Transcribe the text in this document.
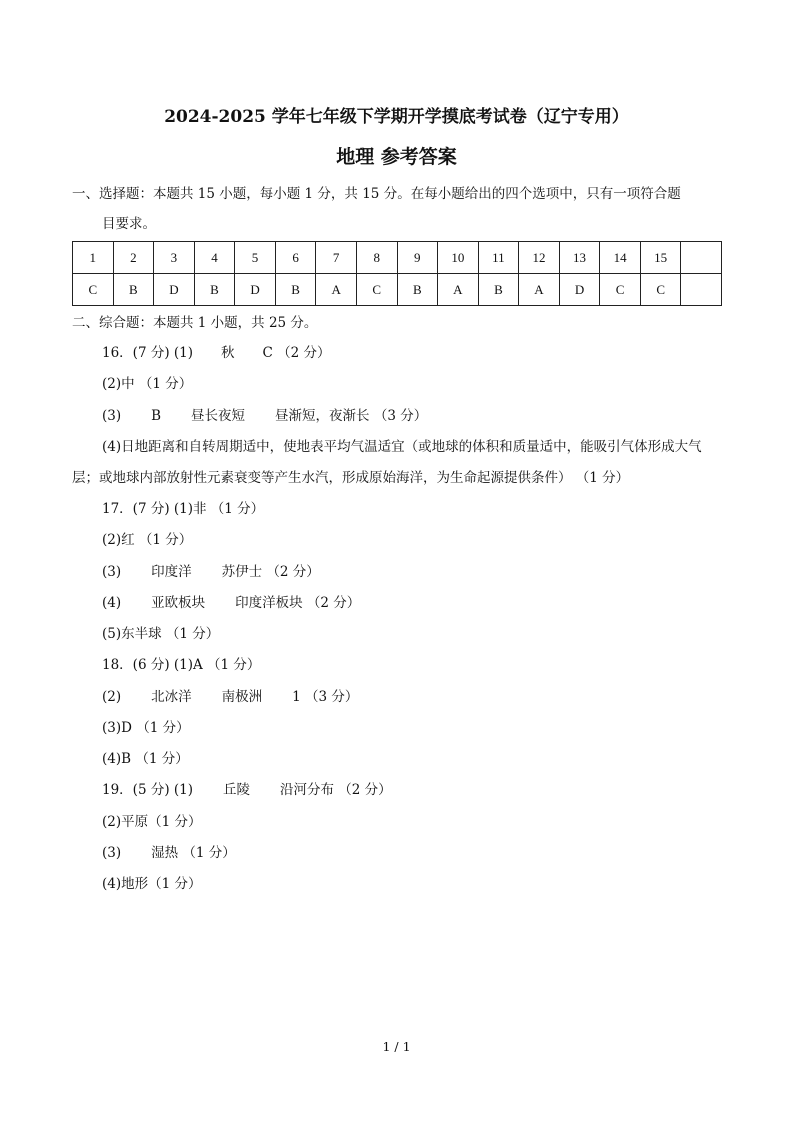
2024-2025 学年七年级下学期开学摸底考试卷（辽宁专用）
地理 参考答案
一、选择题：本题共 15 小题，每小题 1 分，共 15 分。在每小题给出的四个选项中，只有一项符合题
目要求。
1	2	3	4	5	6	7	8	9	10	11	12	13	14	15	
C	B	D	B	D	B	A	C	B	A	B	A	D	C	C	
二、综合题：本题共 1 小题，共 25 分。
16．(7 分) (1) 秋 C （2 分）
(2)中 （1 分）
(3) B 昼长夜短 昼渐短，夜渐长 （3 分）
(4)日地距离和自转周期适中，使地表平均气温适宜（或地球的体积和质量适中，能吸引气体形成大气
层；或地球内部放射性元素衰变等产生水汽，形成原始海洋，为生命起源提供条件） （1 分）
17．(7 分) (1)非 （1 分）
(2)红 （1 分）
(3) 印度洋 苏伊士 （2 分）
(4) 亚欧板块 印度洋板块 （2 分）
(5)东半球 （1 分）
18．(6 分) (1)A （1 分）
(2) 北冰洋 南极洲 1 （3 分）
(3)D （1 分）
(4)B （1 分）
19．(5 分) (1) 丘陵 沿河分布 （2 分）
(2)平原（1 分）
(3) 湿热 （1 分）
(4)地形（1 分）
1 / 1
